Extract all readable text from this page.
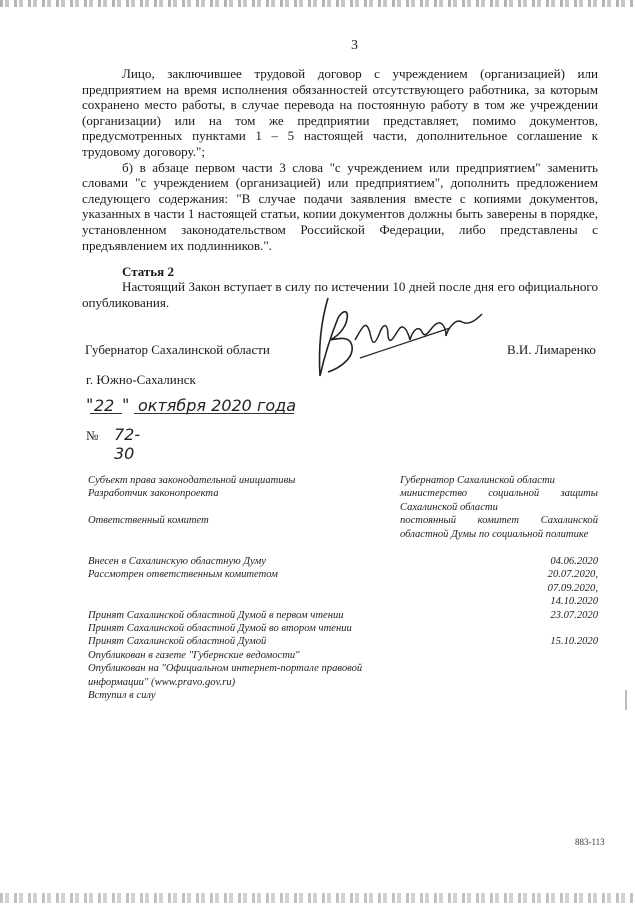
3

Лицо, заключившее трудовой договор с учреждением (организацией) или предприятием на время исполнения обязанностей отсутствующего работника, за которым сохранено место работы, в случае перевода на постоянную работу в том же учреждении (организации) или на том же предприятии представляет, помимо документов, предусмотренных пунктами 1 – 5 настоящей части, дополнительное соглашение к трудовому договору.";

б) в абзаце первом части 3 слова "с учреждением или предприятием" заменить словами "с учреждением (организацией) или предприятием", дополнить предложением следующего содержания: "В случае подачи заявления вместе с копиями документов, указанных в части 1 настоящей статьи, копии документов должны быть заверены в порядке, установленном законодательством Российской Федерации, либо представлены с предъявлением их подлинников.".

Статья 2
Настоящий Закон вступает в силу по истечении 10 дней после дня его официального опубликования.
Губернатор Сахалинской области	В.И. Лимаренко
г. Южно-Сахалинск
" 22 " октября 2020 года
№ 72-30
Субъект права законодательной инициативы
Разработчик законопроекта
Ответственный комитет
Губернатор Сахалинской области
министерство социальной защиты Сахалинской области
постоянный комитет Сахалинской областной Думы по социальной политике
Внесен в Сахалинскую областную Думу
Рассмотрен ответственным комитетом
Принят Сахалинской областной Думой в первом чтении
Принят Сахалинской областной Думой во втором чтении
Принят Сахалинской областной Думой
Опубликован в газете "Губернские ведомости"
Опубликован на "Официальном интернет-портале правовой
информации" (www.pravo.gov.ru)
Вступил в силу
04.06.2020
20.07.2020,
07.09.2020,
14.10.2020
23.07.2020
15.10.2020
883-113
